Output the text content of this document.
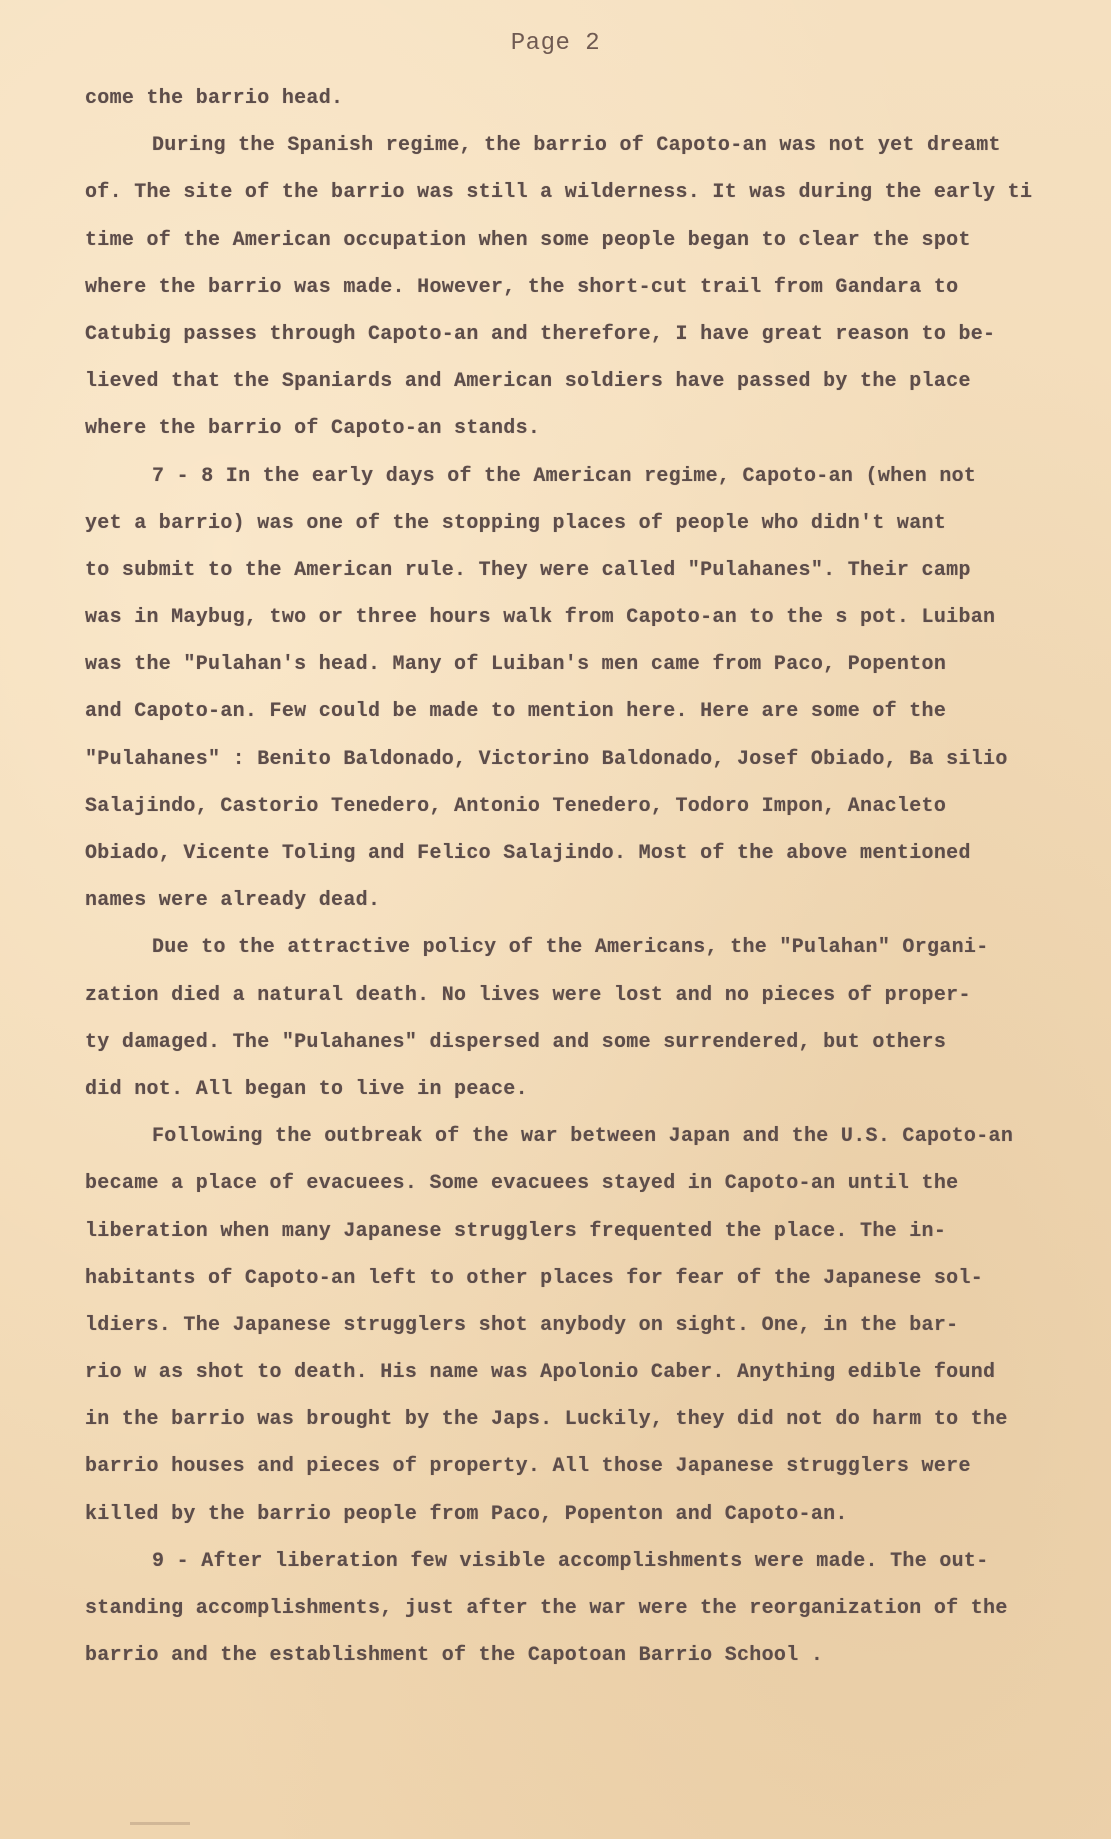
Page 2
come the barrio head.
During the Spanish regime, the barrio of Capoto-an was not yet dreamt
of. The site of the barrio was still a wilderness. It was during the early ti
time of the American occupation when some people began to clear the spot
where the barrio was made. However, the short-cut trail from Gandara to
Catubig passes through Capoto-an and therefore, I have great reason to be-
lieved that the Spaniards and American soldiers have passed by the place
where the barrio of Capoto-an stands.
7 - 8 In the early days of the American regime, Capoto-an (when not
yet a barrio) was one of the stopping places of people who didn't want
to submit to the American rule. They were called "Pulahanes". Their camp
was in Maybug, two or three hours walk from Capoto-an to the s pot. Luiban
was the "Pulahan's head. Many of Luiban's men came from Paco, Popenton
and Capoto-an. Few could be made to mention here. Here are some of the
"Pulahanes" : Benito Baldonado, Victorino Baldonado, Josef Obiado, Ba silio
Salajindo, Castorio Tenedero, Antonio Tenedero, Todoro Impon, Anacleto
Obiado, Vicente Toling and Felico Salajindo. Most of the above mentioned
names were already dead.
Due to the attractive policy of the Americans, the "Pulahan" Organi-
zation died a natural death. No lives were lost and no pieces of proper-
ty damaged. The "Pulahanes" dispersed and some surrendered, but others
did not. All began to live in peace.
Following the outbreak of the war between Japan and the U.S. Capoto-an
became a place of evacuees. Some evacuees stayed in Capoto-an until the
liberation when many Japanese strugglers frequented the place. The in-
habitants of Capoto-an left to other places for fear of the Japanese sol-
ldiers. The Japanese strugglers shot anybody on sight. One, in the bar-
rio w as shot to death. His name was Apolonio Caber. Anything edible found
in the barrio was brought by the Japs. Luckily, they did not do harm to the
barrio houses and pieces of property. All those Japanese strugglers were
killed by the barrio people from Paco, Popenton and Capoto-an.
9 - After liberation few visible accomplishments were made. The out-
standing accomplishments, just after the war were the reorganization of the
barrio and the establishment of the Capotoan Barrio School .
